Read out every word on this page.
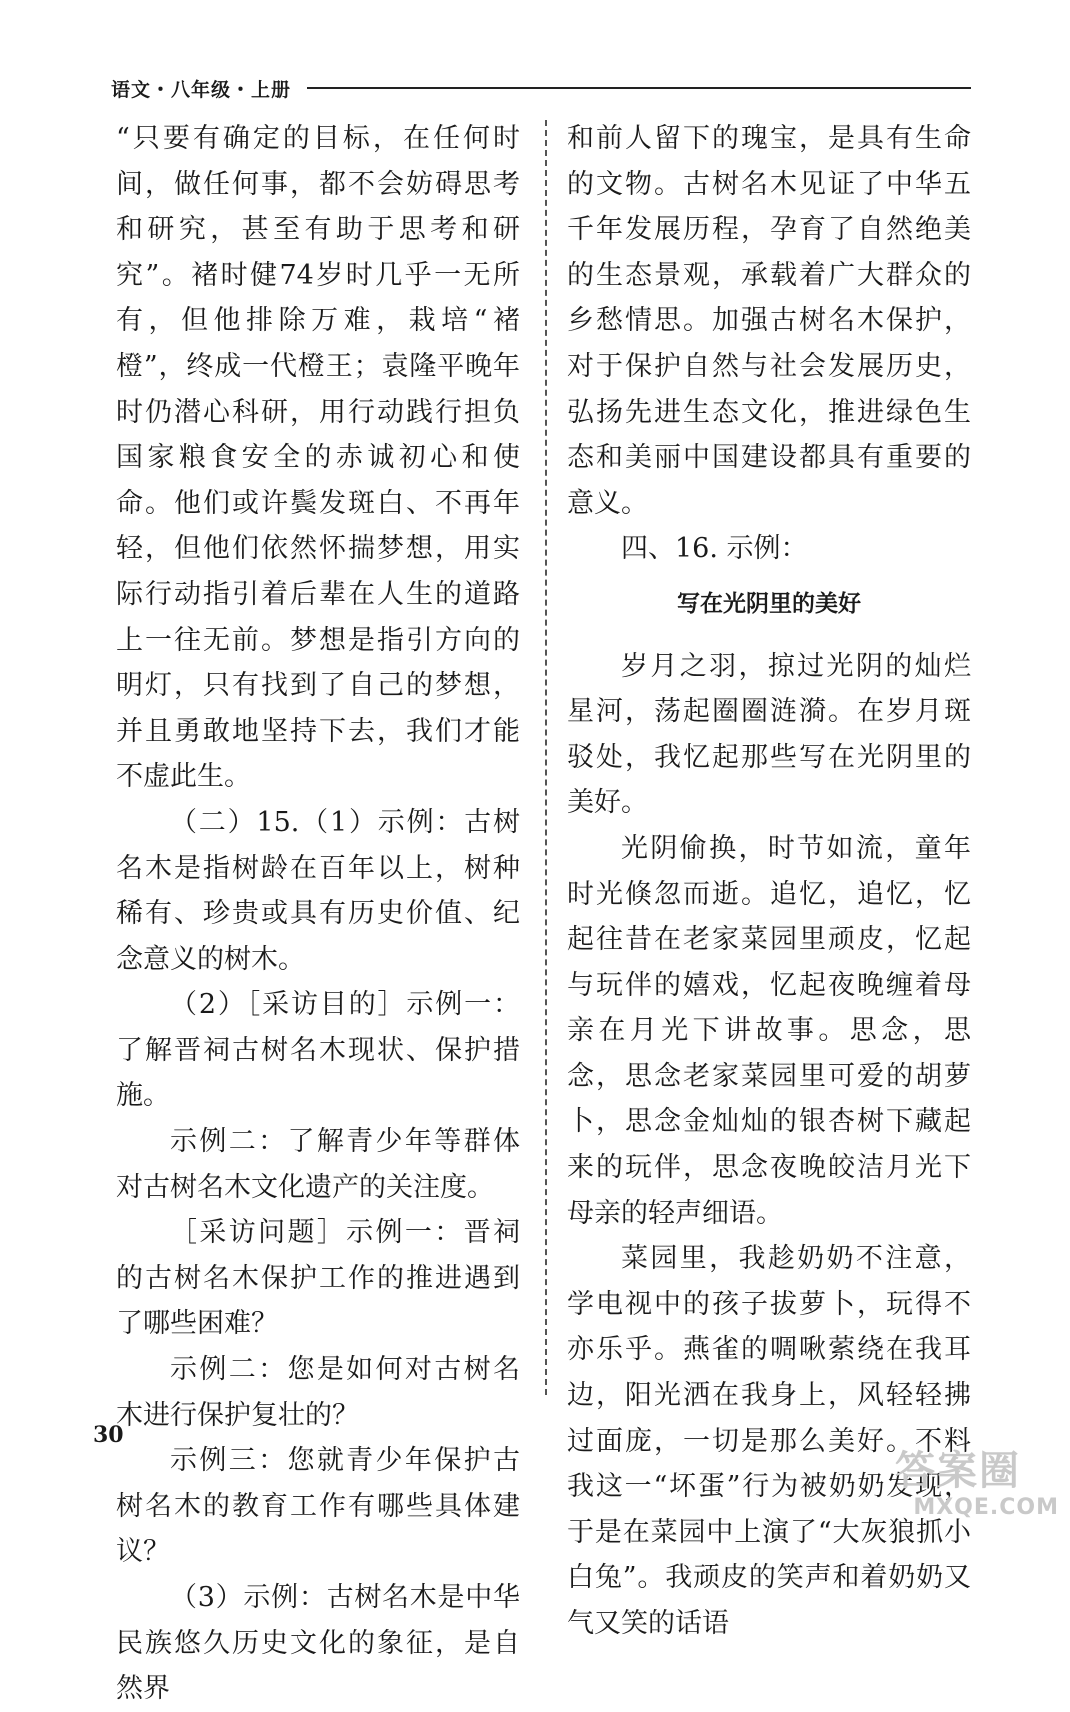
语文・八年级・上册

“只要有确定的目标，在任何时间，做任何事，都不会妨碍思考和研究，甚至有助于思考和研究”。褚时健74岁时几乎一无所有，但他排除万难，栽培“褚橙”，终成一代橙王；袁隆平晚年时仍潜心科研，用行动践行担负国家粮食安全的赤诚初心和使命。他们或许鬓发斑白、不再年轻，但他们依然怀揣梦想，用实际行动指引着后辈在人生的道路上一往无前。梦想是指引方向的明灯，只有找到了自己的梦想，并且勇敢地坚持下去，我们才能不虚此生。

（二）15.（1）示例：古树名木是指树龄在百年以上，树种稀有、珍贵或具有历史价值、纪念意义的树木。

（2）［采访目的］示例一：了解晋祠古树名木现状、保护措施。

示例二：了解青少年等群体对古树名木文化遗产的关注度。

［采访问题］示例一：晋祠的古树名木保护工作的推进遇到了哪些困难？

示例二：您是如何对古树名木进行保护复壮的？

示例三：您就青少年保护古树名木的教育工作有哪些具体建议？

（3）示例：古树名木是中华民族悠久历史文化的象征，是自然界

和前人留下的瑰宝，是具有生命的文物。古树名木见证了中华五千年发展历程，孕育了自然绝美的生态景观，承载着广大群众的乡愁情思。加强古树名木保护，对于保护自然与社会发展历史，弘扬先进生态文化，推进绿色生态和美丽中国建设都具有重要的意义。

四、16. 示例：

写在光阴里的美好

岁月之羽，掠过光阴的灿烂星河，荡起圈圈涟漪。在岁月斑驳处，我忆起那些写在光阴里的美好。

光阴偷换，时节如流，童年时光倏忽而逝。追忆，追忆，忆起往昔在老家菜园里顽皮，忆起与玩伴的嬉戏，忆起夜晚缠着母亲在月光下讲故事。思念，思念，思念老家菜园里可爱的胡萝卜，思念金灿灿的银杏树下藏起来的玩伴，思念夜晚皎洁月光下母亲的轻声细语。

菜园里，我趁奶奶不注意，学电视中的孩子拔萝卜，玩得不亦乐乎。燕雀的啁啾萦绕在我耳边，阳光洒在我身上，风轻轻拂过面庞，一切是那么美好。不料我这一“坏蛋”行为被奶奶发现，于是在菜园中上演了“大灰狼抓小白兔”。我顽皮的笑声和着奶奶又气又笑的话语

30
答案圈
MXQE.COM
